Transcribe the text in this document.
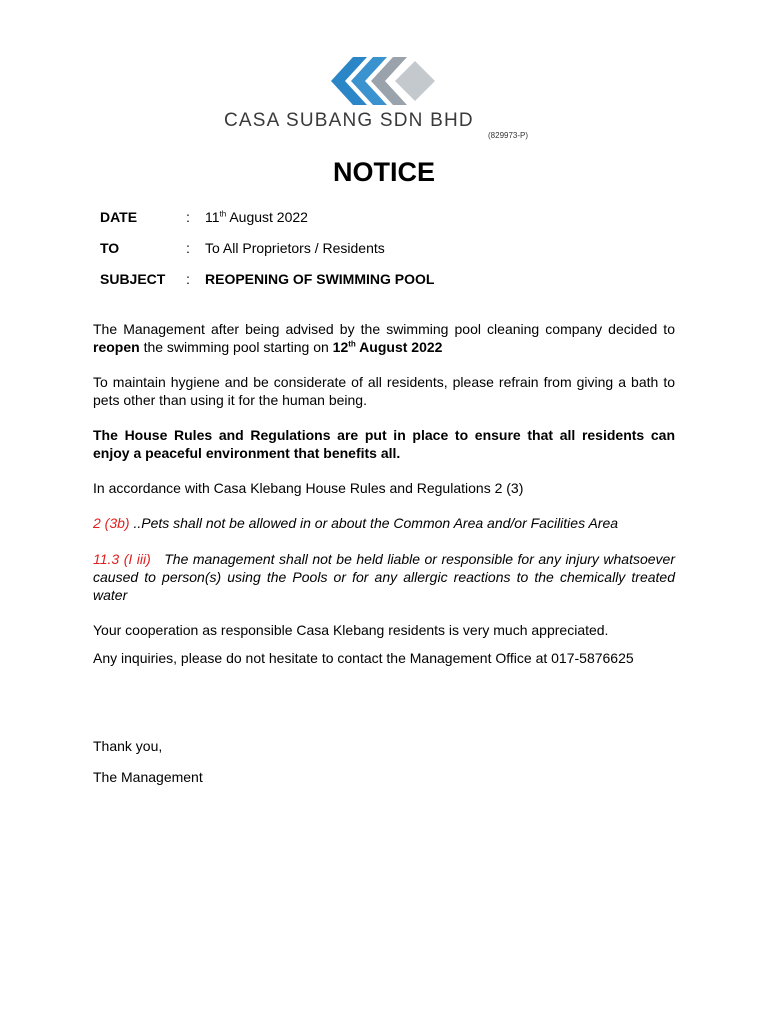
CASA SUBANG SDN BHD
(829973-P)
NOTICE
DATE	: 11th August 2022
TO	: To All Proprietors / Residents
SUBJECT : REOPENING OF SWIMMING POOL
The Management after being advised by the swimming pool cleaning company decided to reopen the swimming pool starting on 12th August 2022
To maintain hygiene and be considerate of all residents, please refrain from giving a bath to pets other than using it for the human being.
The House Rules and Regulations are put in place to ensure that all residents can enjoy a peaceful environment that benefits all.
In accordance with Casa Klebang House Rules and Regulations 2 (3)
2 (3b) ..Pets shall not be allowed in or about the Common Area and/or Facilities Area
11.3 (I iii)   The management shall not be held liable or responsible for any injury whatsoever caused to person(s) using the Pools or for any allergic reactions to the chemically treated water
Your cooperation as responsible Casa Klebang residents is very much appreciated.
Any inquiries, please do not hesitate to contact the Management Office at 017-5876625
Thank you,
The Management
